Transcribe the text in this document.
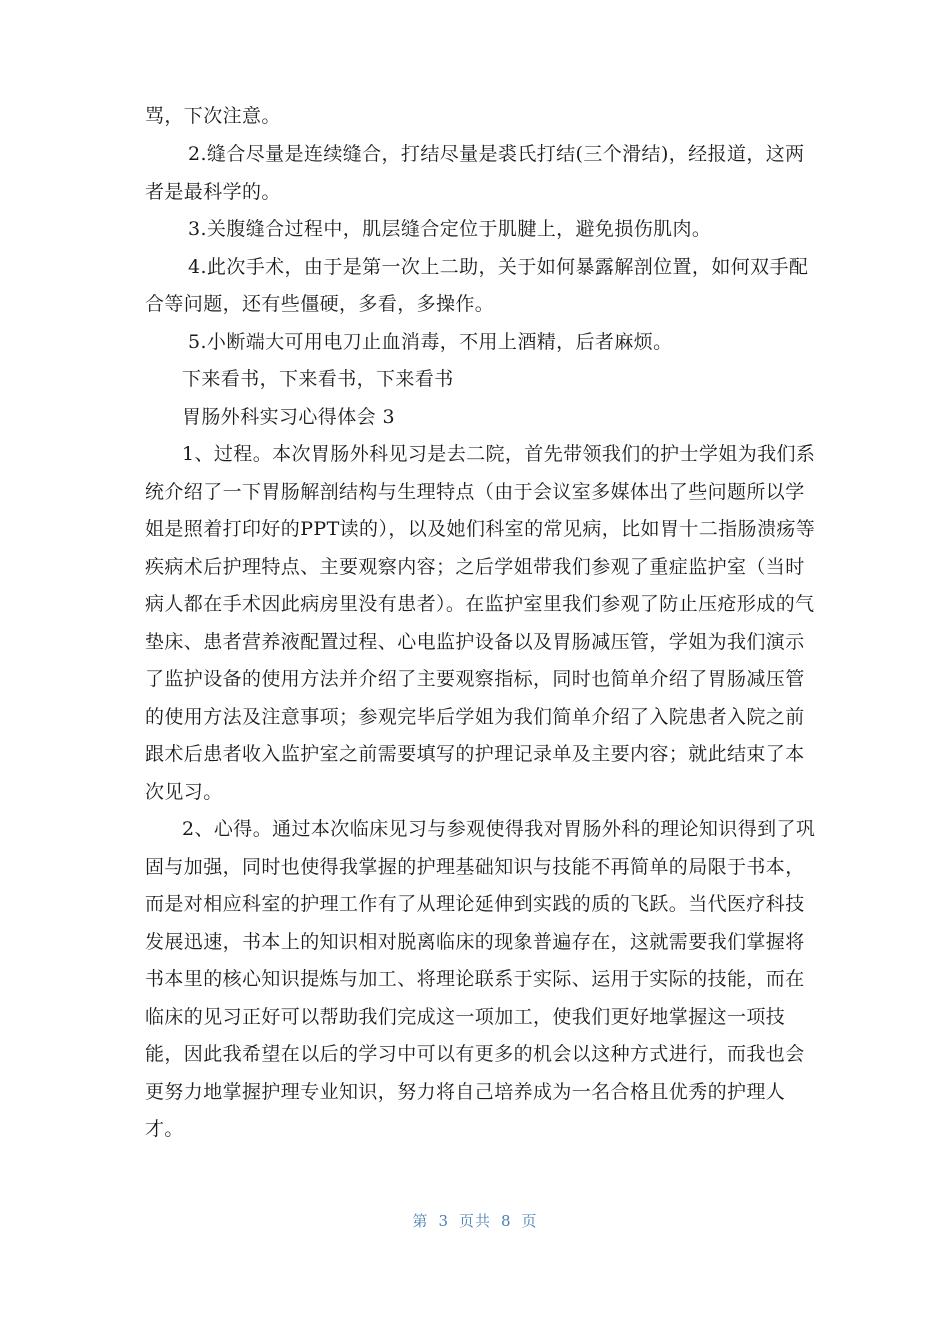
骂，下次注意。
2.缝合尽量是连续缝合，打结尽量是裘氏打结(三个滑结)，经报道，这两
者是最科学的。
3.关腹缝合过程中，肌层缝合定位于肌腱上，避免损伤肌肉。
4.此次手术，由于是第一次上二助，关于如何暴露解剖位置，如何双手配
合等问题，还有些僵硬，多看，多操作。
5.小断端大可用电刀止血消毒，不用上酒精，后者麻烦。
下来看书，下来看书，下来看书
胃肠外科实习心得体会 3
1、过程。本次胃肠外科见习是去二院，首先带领我们的护士学姐为我们系
统介绍了一下胃肠解剖结构与生理特点（由于会议室多媒体出了些问题所以学
姐是照着打印好的PPT读的），以及她们科室的常见病，比如胃十二指肠溃疡等
疾病术后护理特点、主要观察内容；之后学姐带我们参观了重症监护室（当时
病人都在手术因此病房里没有患者）。在监护室里我们参观了防止压疮形成的气
垫床、患者营养液配置过程、心电监护设备以及胃肠减压管，学姐为我们演示
了监护设备的使用方法并介绍了主要观察指标，同时也简单介绍了胃肠减压管
的使用方法及注意事项；参观完毕后学姐为我们简单介绍了入院患者入院之前
跟术后患者收入监护室之前需要填写的护理记录单及主要内容；就此结束了本
次见习。
2、心得。通过本次临床见习与参观使得我对胃肠外科的理论知识得到了巩
固与加强，同时也使得我掌握的护理基础知识与技能不再简单的局限于书本，
而是对相应科室的护理工作有了从理论延伸到实践的质的飞跃。当代医疗科技
发展迅速，书本上的知识相对脱离临床的现象普遍存在，这就需要我们掌握将
书本里的核心知识提炼与加工、将理论联系于实际、运用于实际的技能，而在
临床的见习正好可以帮助我们完成这一项加工，使我们更好地掌握这一项技
能，因此我希望在以后的学习中可以有更多的机会以这种方式进行，而我也会
更努力地掌握护理专业知识，努力将自己培养成为一名合格且优秀的护理人
才。
第 3 页共 8 页
